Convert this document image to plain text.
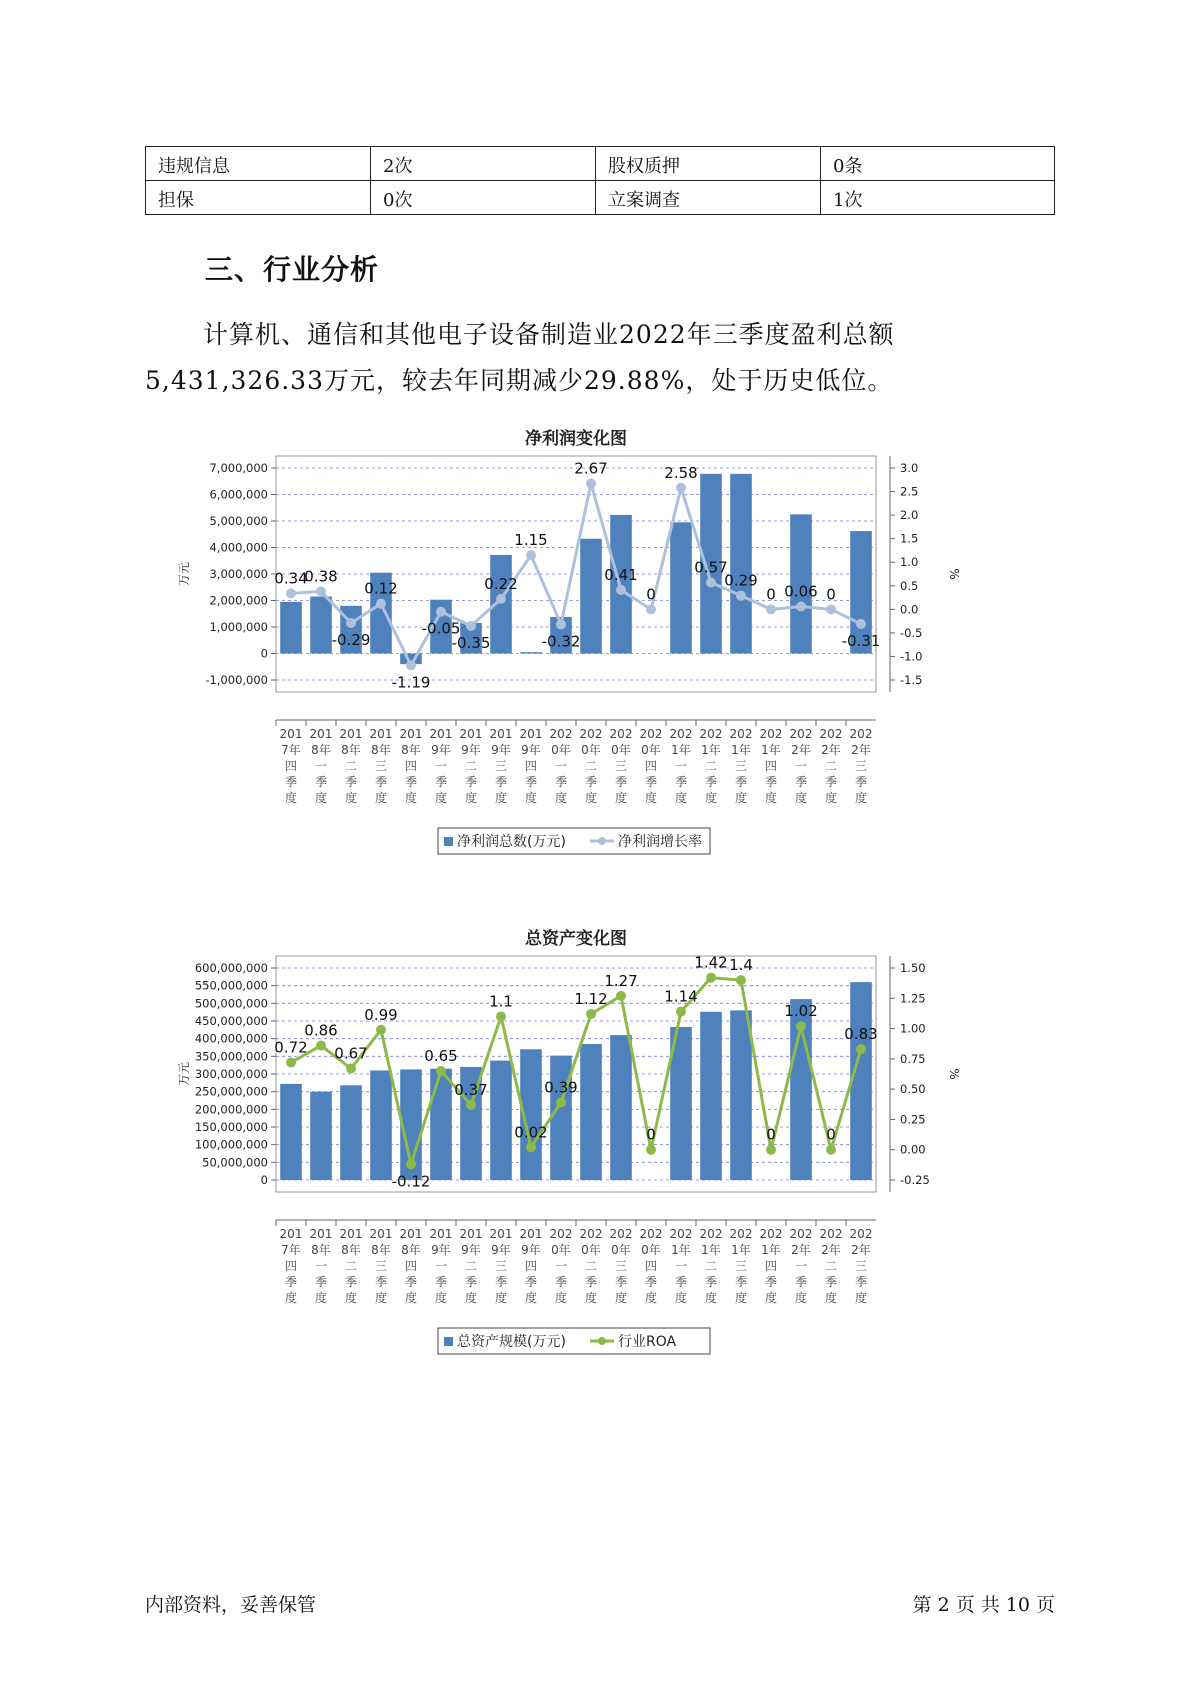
违规信息	2次	股权质押	0条
担保	0次	立案调查	1次
三、行业分析

计算机、通信和其他电子设备制造业2022年三季度盈利总额5,431,326.33万元，较去年同期减少29.88%，处于历史低位。

净利润变化图
-1,000,000
0
1,000,000
2,000,000
3,000,000
4,000,000
5,000,000
6,000,000
7,000,000
-1.5
-1.0
-0.5
0.0
0.5
1.0
1.5
2.0
2.5
3.0
万元	%
0.34
0.38
-0.29
0.12
-1.19
-0.05
-0.35
0.22
1.15
-0.32
2.67
0.41
0
2.58
0.57
0.29
0 0.06 0
-0.31
201 7年四季度
201 8年一季度
201 8年二季度
201 8年三季度
201 8年四季度
201 9年一季度
201 9年二季度
201 9年三季度
201 9年四季度
202 0年一季度
202 0年二季度
202 0年三季度
202 0年四季度
202 1年一季度
202 1年二季度
202 1年三季度
202 1年四季度
202 2年一季度
202 2年二季度
202 2年三季度
净利润总数(万元)	净利润增长率
总资产变化图
0
50,000,000
100,000,000
150,000,000
200,000,000
250,000,000
300,000,000
350,000,000
400,000,000
450,000,000
500,000,000
550,000,000
600,000,000
-0.25
0.00
0.25
0.50
0.75
1.00
1.25
1.50
万元	%
0.72
0.86
0.67
0.99
-0.12
0.65
0.37
1.1
0.02
0.39
1.12
1.27
0
1.14
1.42 1.4
0
1.02
0
0.83
201 7年四季度
201 8年一季度
201 8年二季度
201 8年三季度
201 8年四季度
201 9年一季度
201 9年二季度
201 9年三季度
201 9年四季度
202 0年一季度
202 0年二季度
202 0年三季度
202 0年四季度
202 1年一季度
202 1年二季度
202 1年三季度
202 1年四季度
202 2年一季度
202 2年二季度
202 2年三季度
总资产规模(万元)	行业ROA
内部资料，妥善保管	第 2 页 共 10 页
